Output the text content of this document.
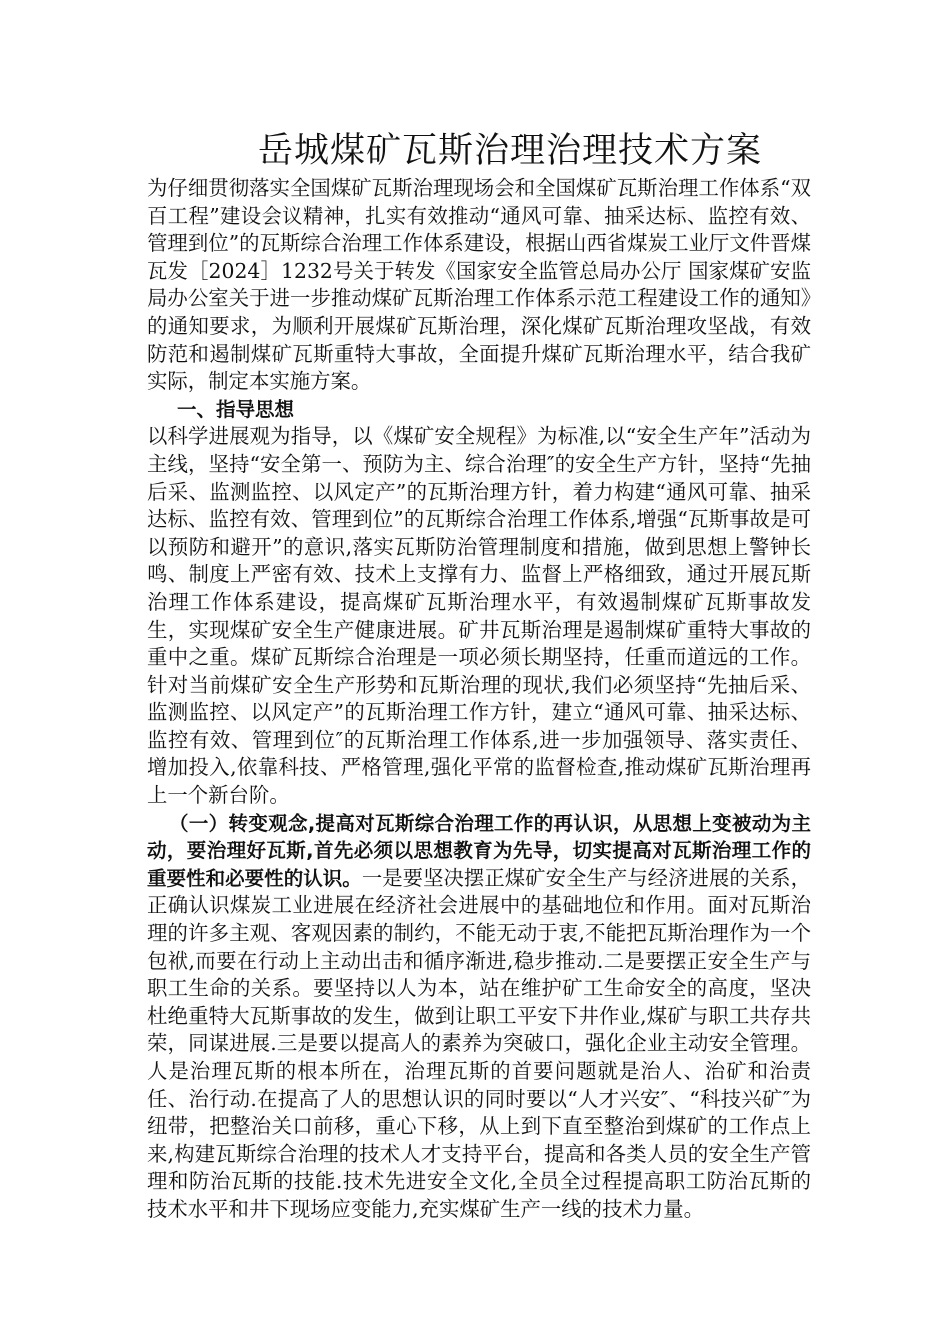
岳城煤矿瓦斯治理治理技术方案

为仔细贯彻落实全国煤矿瓦斯治理现场会和全国煤矿瓦斯治理工作体系“双百工程”建设会议精神，扎实有效推动“通风可靠、抽采达标、监控有效、管理到位”的瓦斯综合治理工作体系建设，根据山西省煤炭工业厅文件晋煤瓦发［2024］1232号关于转发《国家安全监管总局办公厅 国家煤矿安监局办公室关于进一步推动煤矿瓦斯治理工作体系示范工程建设工作的通知》的通知要求，为顺利开展煤矿瓦斯治理，深化煤矿瓦斯治理攻坚战，有效防范和遏制煤矿瓦斯重特大事故，全面提升煤矿瓦斯治理水平，结合我矿实际，制定本实施方案。

一、指导思想

以科学进展观为指导，以《煤矿安全规程》为标准,以“安全生产年”活动为主线，坚持“安全第一、预防为主、综合治理″的安全生产方针，坚持“先抽后采、监测监控、以风定产”的瓦斯治理方针，着力构建“通风可靠、抽采达标、监控有效、管理到位”的瓦斯综合治理工作体系,增强“瓦斯事故是可以预防和避开”的意识,落实瓦斯防治管理制度和措施，做到思想上警钟长鸣、制度上严密有效、技术上支撑有力、监督上严格细致，通过开展瓦斯治理工作体系建设，提高煤矿瓦斯治理水平，有效遏制煤矿瓦斯事故发生，实现煤矿安全生产健康进展。矿井瓦斯治理是遏制煤矿重特大事故的重中之重。煤矿瓦斯综合治理是一项必须长期坚持，任重而道远的工作。针对当前煤矿安全生产形势和瓦斯治理的现状,我们必须坚持“先抽后采、监测监控、以风定产”的瓦斯治理工作方针，建立“通风可靠、抽采达标、监控有效、管理到位″的瓦斯治理工作体系,进一步加强领导、落实责任、增加投入,依靠科技、严格管理,强化平常的监督检查,推动煤矿瓦斯治理再上一个新台阶。

（一）转变观念,提高对瓦斯综合治理工作的再认识，从思想上变被动为主动，要治理好瓦斯,首先必须以思想教育为先导，切实提高对瓦斯治理工作的重要性和必要性的认识。一是要坚决摆正煤矿安全生产与经济进展的关系，正确认识煤炭工业进展在经济社会进展中的基础地位和作用。面对瓦斯治理的许多主观、客观因素的制约，不能无动于衷,不能把瓦斯治理作为一个包袱,而要在行动上主动出击和循序渐进,稳步推动.二是要摆正安全生产与职工生命的关系。要坚持以人为本，站在维护矿工生命安全的高度，坚决杜绝重特大瓦斯事故的发生，做到让职工平安下井作业,煤矿与职工共存共荣，同谋进展.三是要以提高人的素养为突破口，强化企业主动安全管理。人是治理瓦斯的根本所在，治理瓦斯的首要问题就是治人、治矿和治责任、治行动.在提高了人的思想认识的同时要以“人才兴安″、“科技兴矿″为纽带，把整治关口前移，重心下移，从上到下直至整治到煤矿的工作点上来,构建瓦斯综合治理的技术人才支持平台，提高和各类人员的安全生产管理和防治瓦斯的技能.技术先进安全文化,全员全过程提高职工防治瓦斯的技术水平和井下现场应变能力,充实煤矿生产一线的技术力量。
